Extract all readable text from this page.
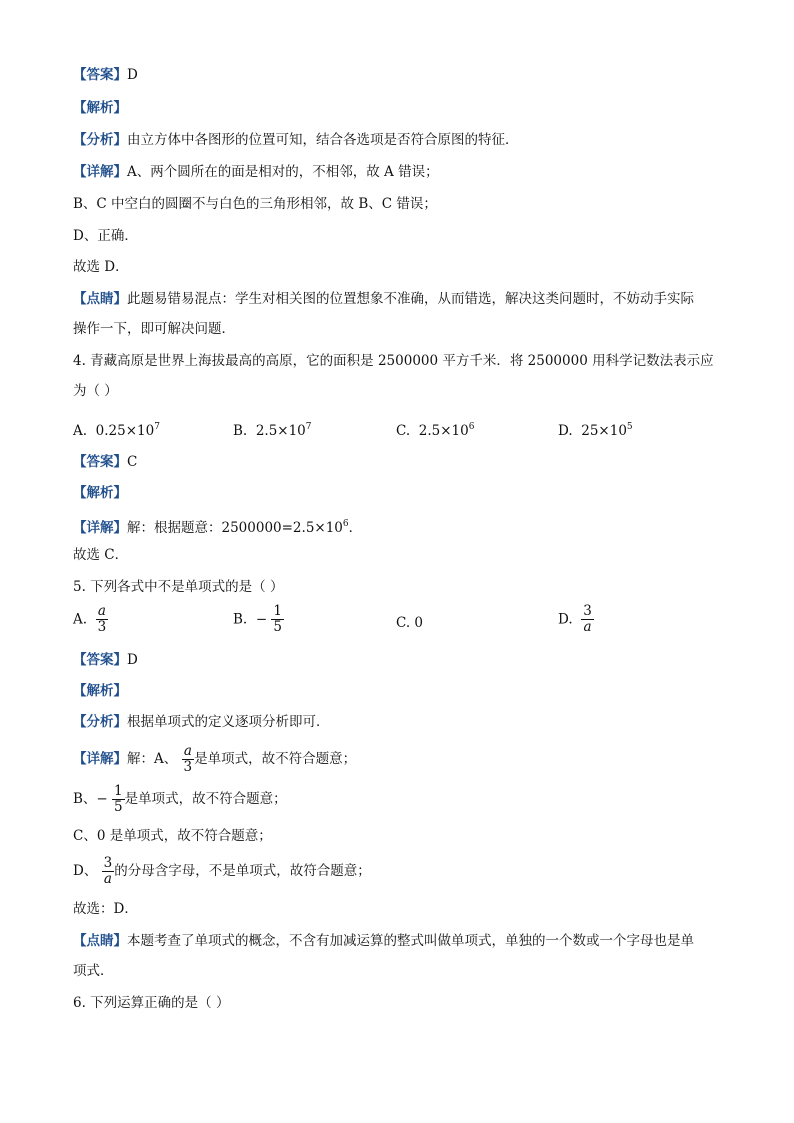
【答案】D
【解析】
【分析】由立方体中各图形的位置可知，结合各选项是否符合原图的特征．
【详解】A、两个圆所在的面是相对的，不相邻，故 A 错误；
B、C 中空白的圆圈不与白色的三角形相邻，故 B、C 错误；
D、正确．
故选 D．
【点睛】此题易错易混点：学生对相关图的位置想象不准确，从而错选，解决这类问题时，不妨动手实际
操作一下，即可解决问题．
4. 青藏高原是世界上海拔最高的高原，它的面积是 2500000 平方千米．将 2500000 用科学记数法表示应
为（ ）
A. $0.25\times 10^7$	B. $2.5\times 10^7$	C. $2.5\times 10^6$	D. $25\times 10^5$
【答案】C
【解析】
【详解】解：根据题意：$2500000=2.5\times 10^6$．
故选 C．
5. 下列各式中不是单项式的是（ ）
A. $\frac{a}{3}$	B. − $\frac{1}{5}$	C. 0	D. $\frac{3}{a}$
【答案】D
【解析】
【分析】根据单项式的定义逐项分析即可．
【详解】解：A、 $\frac{a}{3}$ 是单项式，故不符合题意；
B、− $\frac{1}{5}$ 是单项式，故不符合题意；
C、0 是单项式，故不符合题意；
D、 $\frac{3}{a}$ 的分母含字母，不是单项式，故符合题意；
故选：D．
【点睛】本题考查了单项式的概念，不含有加减运算的整式叫做单项式，单独的一个数或一个字母也是单
项式．
6. 下列运算正确的是（ ）
